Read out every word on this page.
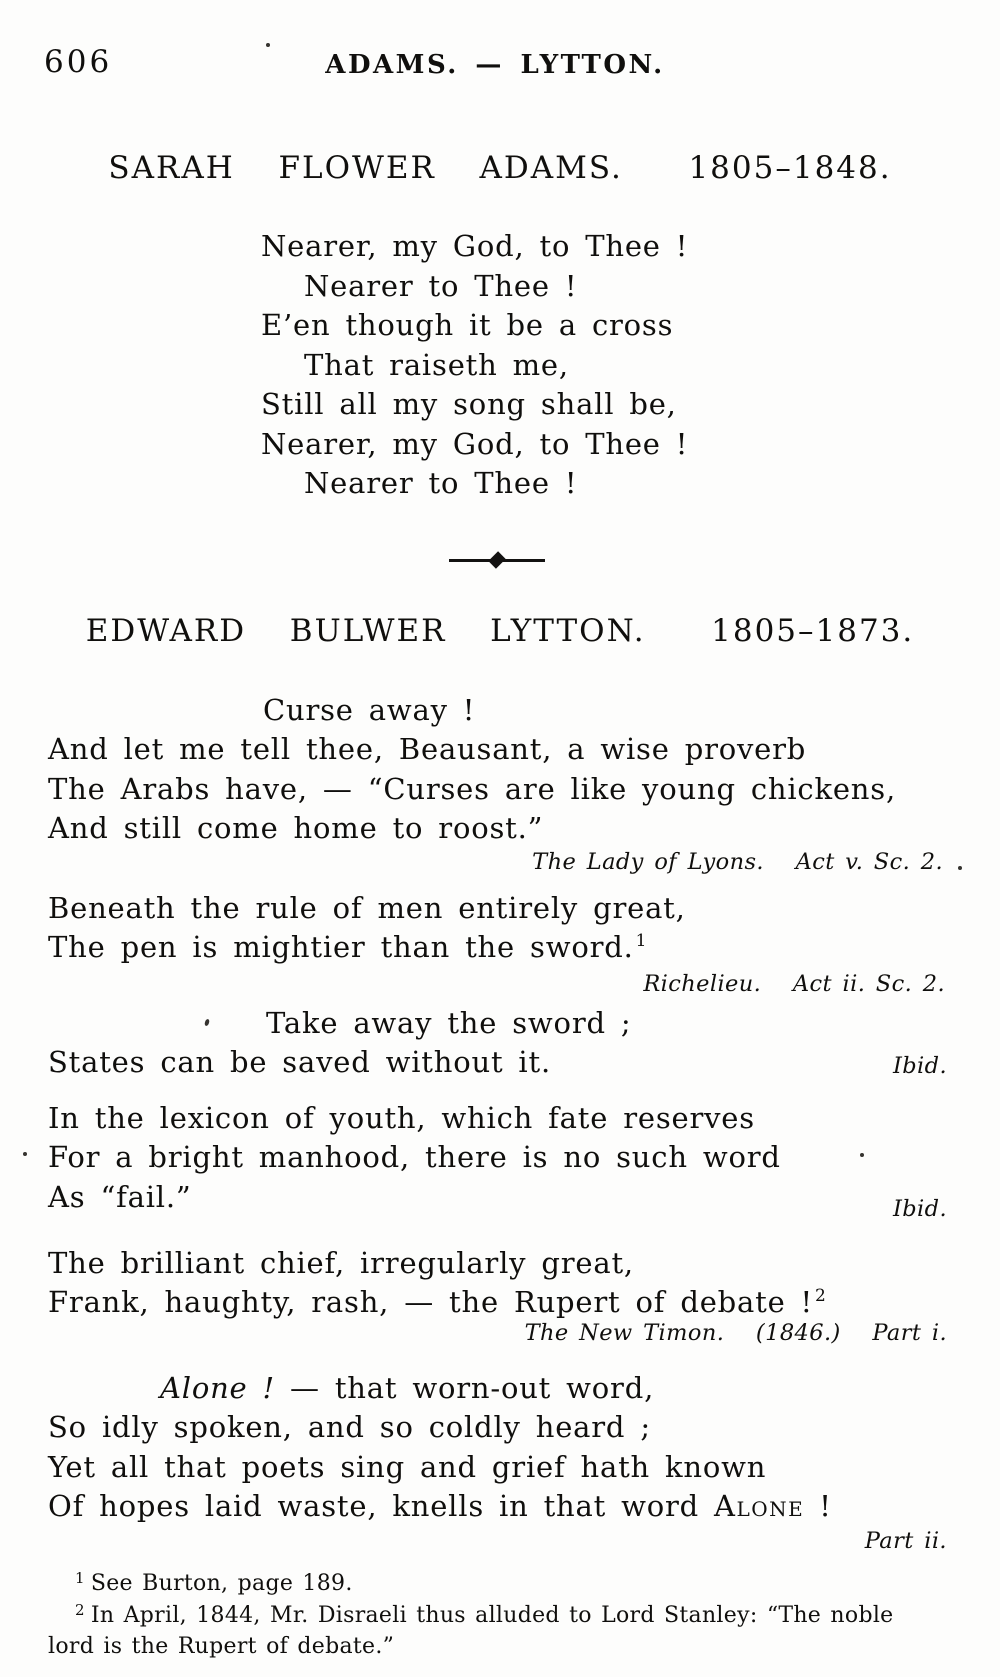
606	ADAMS. — LYTTON.
SARAH  FLOWER  ADAMS.   1805–1848.
Nearer, my God, to Thee !
Nearer to Thee !
E’en though it be a cross
That raiseth me,
Still all my song shall be,
Nearer, my God, to Thee !
Nearer to Thee !
EDWARD  BULWER  LYTTON.   1805–1873.
Curse away !
And let me tell thee, Beausant, a wise proverb
The Arabs have, — “Curses are like young chickens,
And still come home to roost.”
The Lady of Lyons.   Act v. Sc. 2.
Beneath the rule of men entirely great,
The pen is mightier than the sword. $^1$
Richelieu.   Act ii. Sc. 2.
Take away the sword ;
States can be saved without it.	Ibid.
In the lexicon of youth, which fate reserves
For a bright manhood, there is no such word
As “fail.”	Ibid.
The brilliant chief, irregularly great,
Frank, haughty, rash, — the Rupert of debate ! $^2$
The New Timon.   (1846.)   Part i.
Alone ! — that worn-out word,
So idly spoken, and so coldly heard ;
Yet all that poets sing and grief hath known
Of hopes laid waste, knells in that word Alone !
Part ii.
$^1$ See Burton, page 189.
$^2$ In April, 1844, Mr. Disraeli thus alluded to Lord Stanley: “The noble
lord is the Rupert of debate.”
